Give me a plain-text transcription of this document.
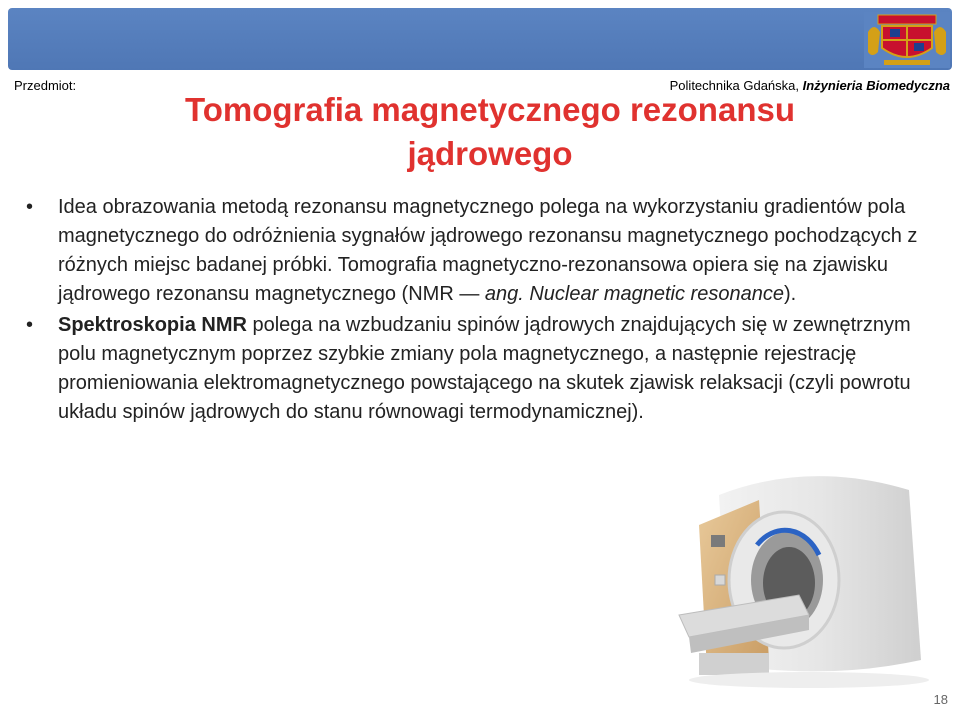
Przedmiot:	Politechnika Gdańska, Inżynieria Biomedyczna
Tomografia magnetycznego rezonansu
jądrowego
• Idea obrazowania metodą rezonansu magnetycznego polega na wykorzystaniu gradientów pola magnetycznego do odróżnienia sygnałów jądrowego rezonansu magnetycznego pochodzących z różnych miejsc badanej próbki. Tomografia magnetyczno-rezonansowa opiera się na zjawisku jądrowego rezonansu magnetycznego (NMR — ang. Nuclear magnetic resonance).
• Spektroskopia NMR polega na wzbudzaniu spinów jądrowych znajdujących się w zewnętrznym polu magnetycznym poprzez szybkie zmiany pola magnetycznego, a następnie rejestrację promieniowania elektromagnetycznego powstającego na skutek zjawisk relaksacji (czyli powrotu układu spinów jądrowych do stanu równowagi termodynamicznej).
18
